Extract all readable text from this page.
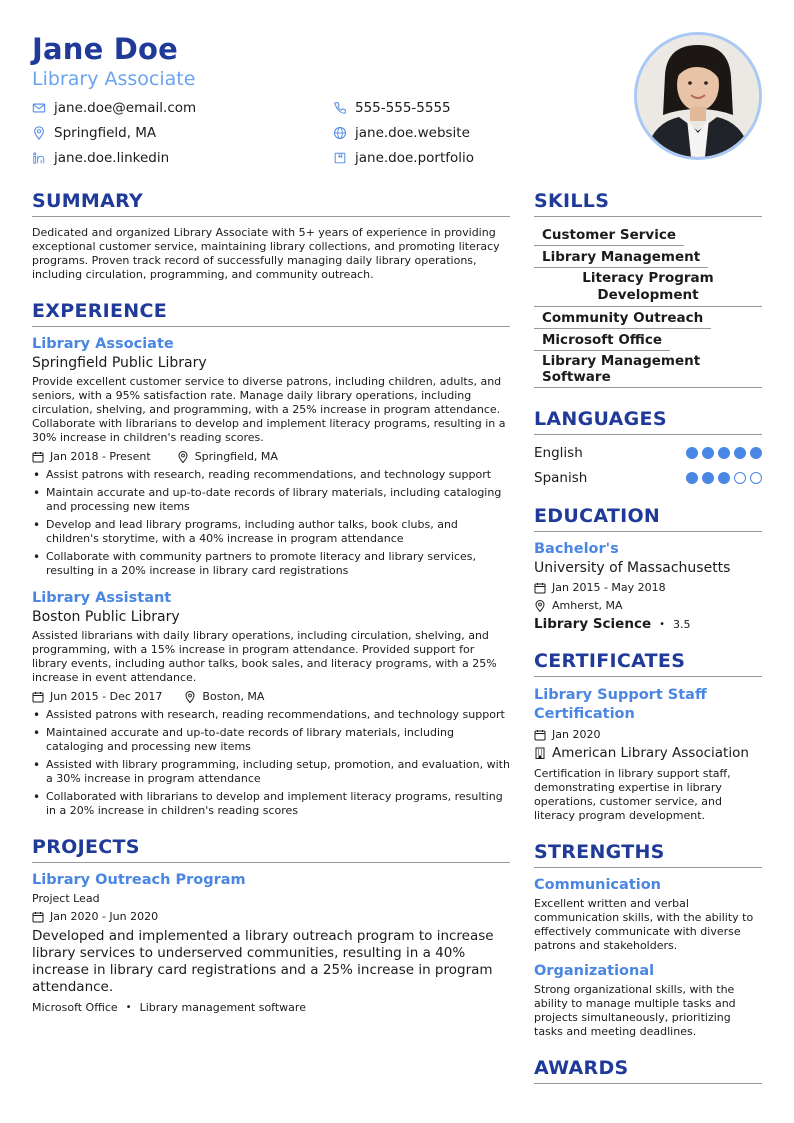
Jane Doe
Library Associate
jane.doe@email.com	555-555-5555
Springfield, MA	jane.doe.website
jane.doe.linkedin	jane.doe.portfolio
SUMMARY
Dedicated and organized Library Associate with 5+ years of experience in providing exceptional customer service, maintaining library collections, and promoting literacy programs. Proven track record of successfully managing daily library operations, including circulation, programming, and community outreach.
EXPERIENCE
Library Associate
Springfield Public Library
Provide excellent customer service to diverse patrons, including children, adults, and seniors, with a 95% satisfaction rate. Manage daily library operations, including circulation, shelving, and programming, with a 25% increase in program attendance. Collaborate with librarians to develop and implement literacy programs, resulting in a 30% increase in children's reading scores.
Jan 2018 - Present	Springfield, MA
• Assist patrons with research, reading recommendations, and technology support
• Maintain accurate and up-to-date records of library materials, including cataloging and processing new items
• Develop and lead library programs, including author talks, book clubs, and children's storytime, with a 40% increase in program attendance
• Collaborate with community partners to promote literacy and library services, resulting in a 20% increase in library card registrations
Library Assistant
Boston Public Library
Assisted librarians with daily library operations, including circulation, shelving, and programming, with a 15% increase in program attendance. Provided support for library events, including author talks, book sales, and literacy programs, with a 25% increase in event attendance.
Jun 2015 - Dec 2017	Boston, MA
• Assisted patrons with research, reading recommendations, and technology support
• Maintained accurate and up-to-date records of library materials, including cataloging and processing new items
• Assisted with library programming, including setup, promotion, and evaluation, with a 30% increase in program attendance
• Collaborated with librarians to develop and implement literacy programs, resulting in a 20% increase in children's reading scores
PROJECTS
Library Outreach Program
Project Lead
Jan 2020 - Jun 2020
Developed and implemented a library outreach program to increase library services to underserved communities, resulting in a 40% increase in library card registrations and a 25% increase in program attendance.
Microsoft Office • Library management software
SKILLS
Customer Service
Library Management
Literacy Program Development
Community Outreach
Microsoft Office
Library Management Software
LANGUAGES
English
Spanish
EDUCATION
Bachelor's
University of Massachusetts
Jan 2015 - May 2018
Amherst, MA
Library Science • 3.5
CERTIFICATES
Library Support Staff Certification
Jan 2020
American Library Association
Certification in library support staff, demonstrating expertise in library operations, customer service, and literacy program development.
STRENGTHS
Communication
Excellent written and verbal communication skills, with the ability to effectively communicate with diverse patrons and stakeholders.
Organizational
Strong organizational skills, with the ability to manage multiple tasks and projects simultaneously, prioritizing tasks and meeting deadlines.
AWARDS
